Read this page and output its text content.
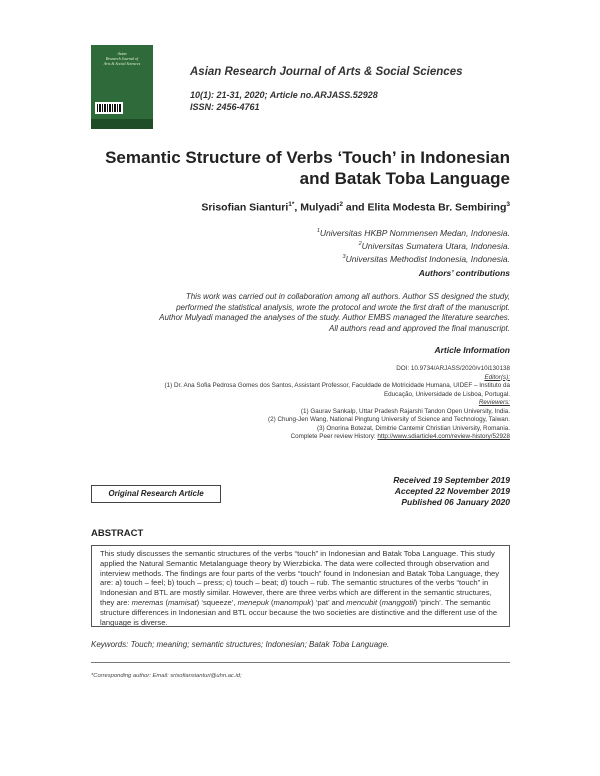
Asian
Research Journal of
Arts & Social Sciences
Asian Research Journal of Arts & Social Sciences
10(1): 21-31, 2020; Article no.ARJASS.52928
ISSN: 2456-4761
Semantic Structure of Verbs ‘Touch’ in Indonesian
and Batak Toba Language
Srisofian Sianturi$^{1*}$, Mulyadi$^2$ and Elita Modesta Br. Sembiring$^3$
$^1$Universitas HKBP Nommensen Medan, Indonesia.
$^2$Universitas Sumatera Utara, Indonesia.
$^3$Universitas Methodist Indonesia, Indonesia.
Authors’ contributions
This work was carried out in collaboration among all authors. Author SS designed the study,
performed the statistical analysis, wrote the protocol and wrote the first draft of the manuscript.
Author Mulyadi managed the analyses of the study. Author EMBS managed the literature searches.
All authors read and approved the final manuscript.
Article Information
DOI: 10.9734/ARJASS/2020/v10i130138
Editor(s):
(1) Dr. Ana Sofia Pedrosa Gomes dos Santos, Assistant Professor, Faculdade de Motricidade Humana, UIDEF – Instituto da
Educação, Universidade de Lisboa, Portugal.
Reviewers:
(1) Gaurav Sankalp, Uttar Pradesh Rajarshi Tandon Open University, India.
(2) Chung-Jen Wang, National Pingtung University of Science and Technology, Taiwan.
(3) Onorina Botezat, Dimitrie Cantemir Christian University, Romania.
Complete Peer review History: http://www.sdiarticle4.com/review-history/52928
Received 19 September 2019
Accepted 22 November 2019
Published 06 January 2020
Original Research Article
ABSTRACT
This study discusses the semantic structures of the verbs “touch” in Indonesian and Batak Toba Language. This study applied the Natural Semantic Metalanguage theory by Wierzbicka. The data were collected through observation and interview methods. The findings are four parts of the verbs “touch” found in Indonesian and Batak Toba Language, they are: a) touch – feel; b) touch – press; c) touch – beat; d) touch – rub. The semantic structures of the verbs “touch” in Indonesian and BTL are mostly similar. However, there are three verbs which are different in the semantic structures, they are: meremas (mamisat) ‘squeeze’, menepuk (manompuk) ‘pat’ and mencubit (manggotil) ‘pinch’. The semantic structure differences in Indonesian and BTL occur because the two societies are distinctive and the different use of the language is diverse.
Keywords: Touch; meaning; semantic structures; Indonesian; Batak Toba Language.
*Corresponding author: Email: srisofiansianturi@uhn.ac.id;
